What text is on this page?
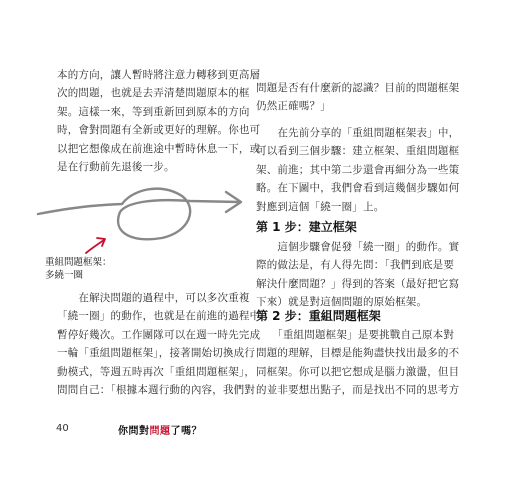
本的方向，讓人暫時將注意力轉移到更高層
次的問題，也就是去弄清楚問題原本的框
架。這樣一來，等到重新回到原本的方向
時，會對問題有全新或更好的理解。你也可
以把它想像成在前進途中暫時休息一下，或
是在行動前先退後一步。
重組問題框架：
多繞一圈
　　在解決問題的過程中，可以多次重複
「繞一圈」的動作，也就是在前進的過程中
暫停好幾次。工作團隊可以在週一時先完成
一輪「重組問題框架」，接著開始切換成行
動模式，等週五時再次「重組問題框架」，
問問自己：「根據本週行動的內容，我們對
問題是否有什麼新的認識？目前的問題框架
仍然正確嗎？」
　　在先前分享的「重組問題框架表」中，
可以看到三個步驟：建立框架、重組問題框
架、前進；其中第二步還會再細分為一些策
略。在下圖中，我們會看到這幾個步驟如何
對應到這個「繞一圈」上。
第 1 步：建立框架
　　這個步驟會促發「繞一圈」的動作。實
際的做法是，有人得先問：「我們到底是要
解決什麼問題？」得到的答案（最好把它寫
下來）就是對這個問題的原始框架。
第 2 步：重組問題框架
　　「重組問題框架」是要挑戰自己原本對
問題的理解，目標是能夠盡快找出最多的不
同框架。你可以把它想成是腦力激盪，但目
的並非要想出點子，而是找出不同的思考方
40	你問對問題了嗎？
